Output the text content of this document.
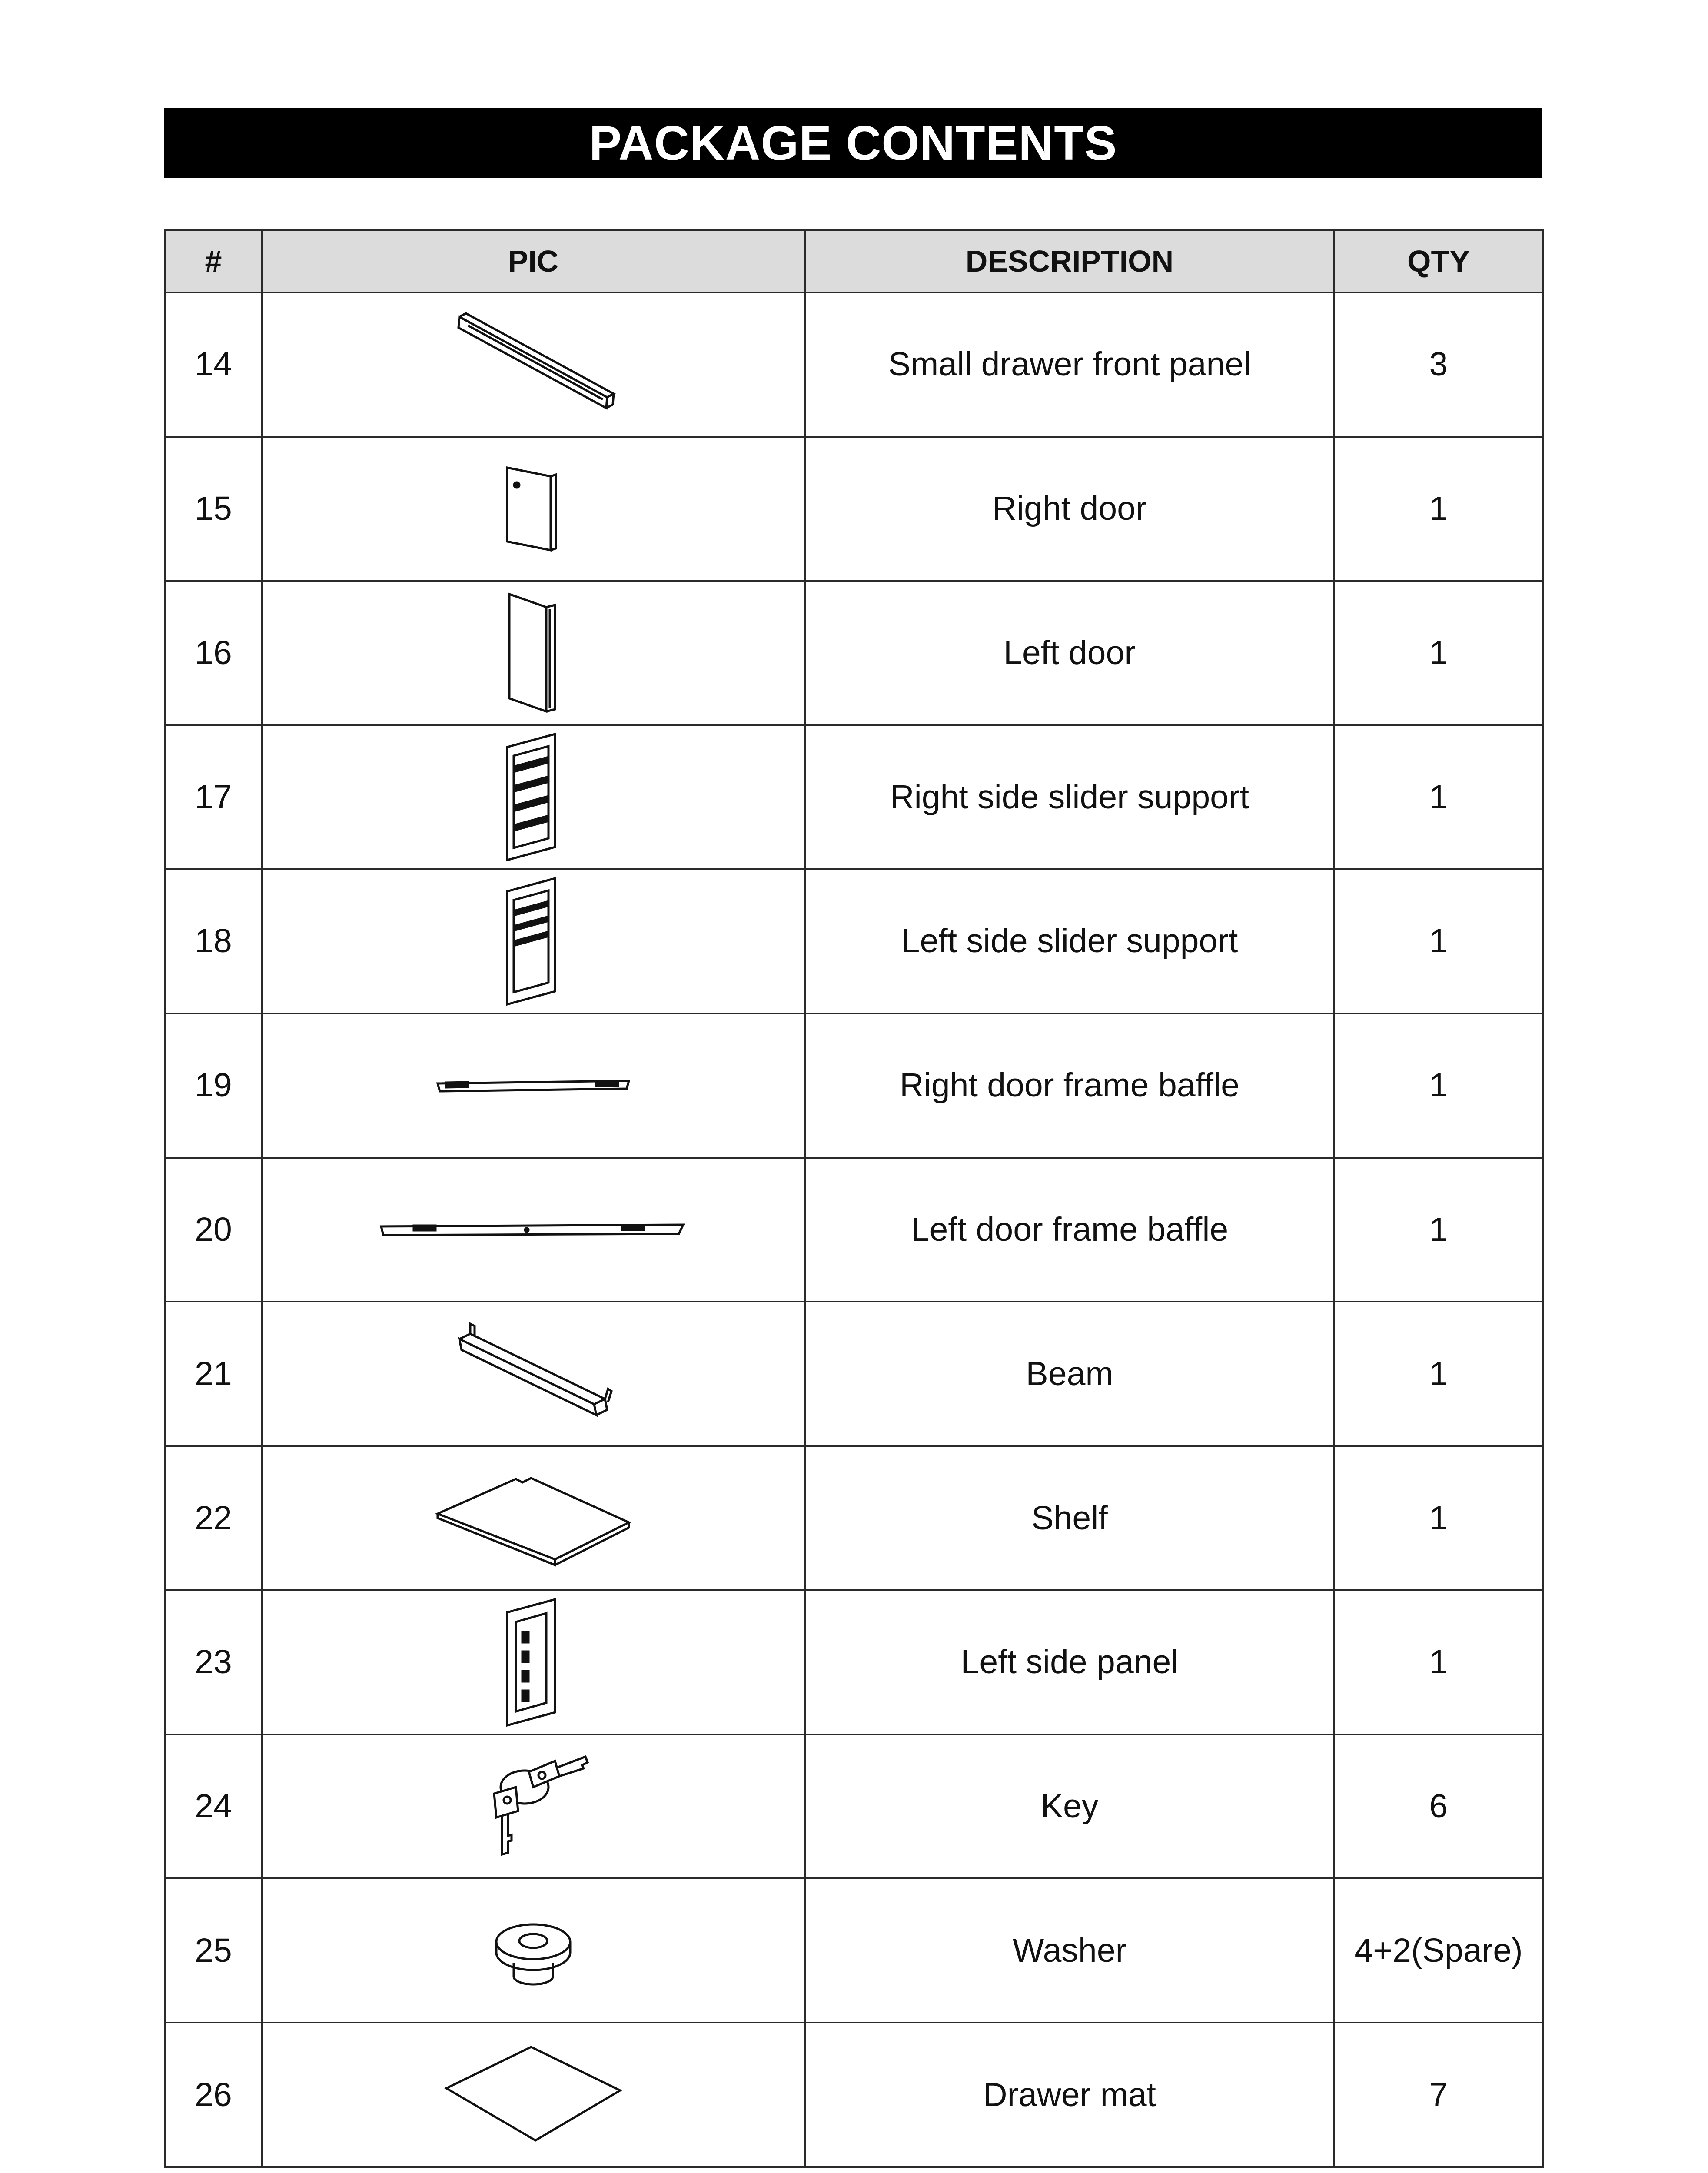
PACKAGE CONTENTS
#	PIC	DESCRIPTION	QTY
14		Small drawer front panel	3
15		Right door	1
16		Left door	1
17		Right side slider support	1
18		Left side slider support	1
19		Right door frame baffle	1
20		Left door frame baffle	1
21		Beam	1
22		Shelf	1
23		Left side panel	1
24		Key	6
25		Washer	4+2(Spare)
26		Drawer mat	7
